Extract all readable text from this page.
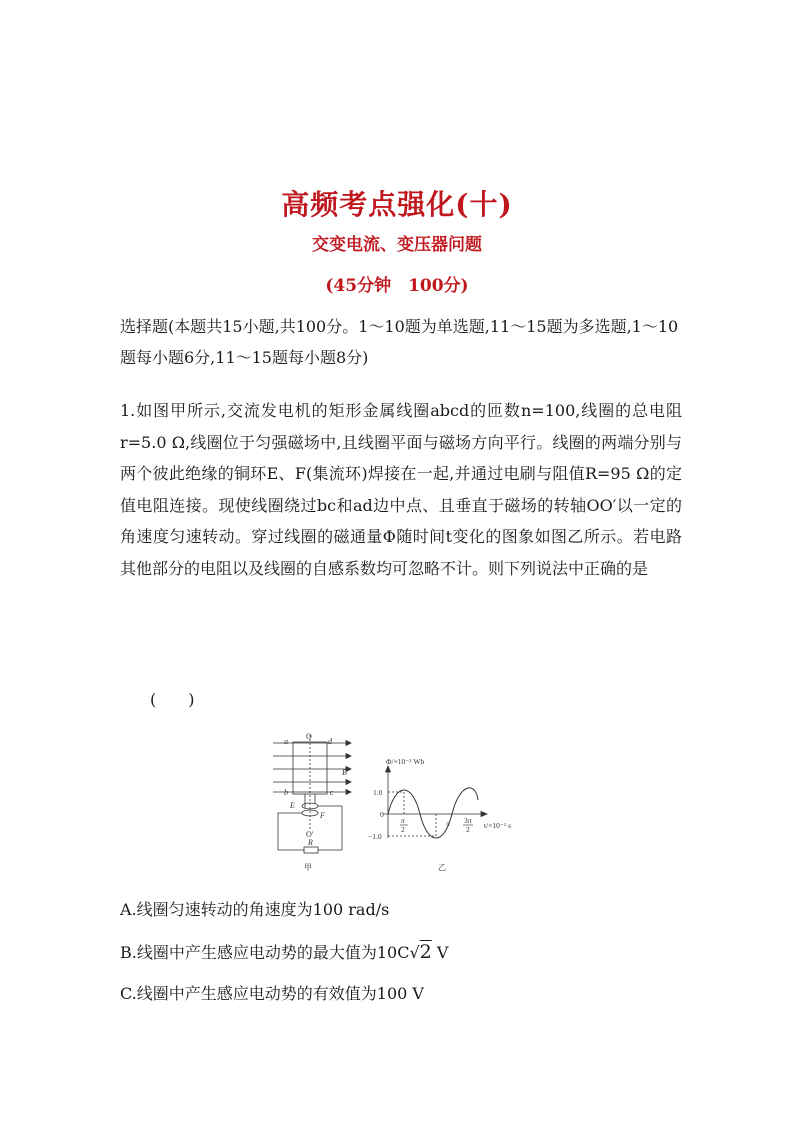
高频考点强化(十)
交变电流、变压器问题
(45分钟　100分)
选择题(本题共15小题,共100分。1～10题为单选题,11～15题为多选题,1～10题每小题6分,11～15题每小题8分)
1.如图甲所示,交流发电机的矩形金属线圈abcd的匝数n=100,线圈的总电阻r=5.0 Ω,线圈位于匀强磁场中,且线圈平面与磁场方向平行。线圈的两端分别与两个彼此绝缘的铜环E、F(集流环)焊接在一起,并通过电刷与阻值R=95 Ω的定值电阻连接。现使线圈绕过bc和ad边中点、且垂直于磁场的转轴OO′以一定的角速度匀速转动。穿过线圈的磁通量Φ随时间t变化的图象如图乙所示。若电路其他部分的电阻以及线圈的自感系数均可忽略不计。则下列说法中正确的是
(　　)
a
O
d
B
b	c
E
F
O′
R
甲
Φ/×10⁻² Wb
t/×10⁻² s
1.0
0
−1.0
π
2
π 3π
2
乙
A.线圈匀速转动的角速度为100 rad/s
B.线圈中产生感应电动势的最大值为10C√2 V
C.线圈中产生感应电动势的有效值为100 V
